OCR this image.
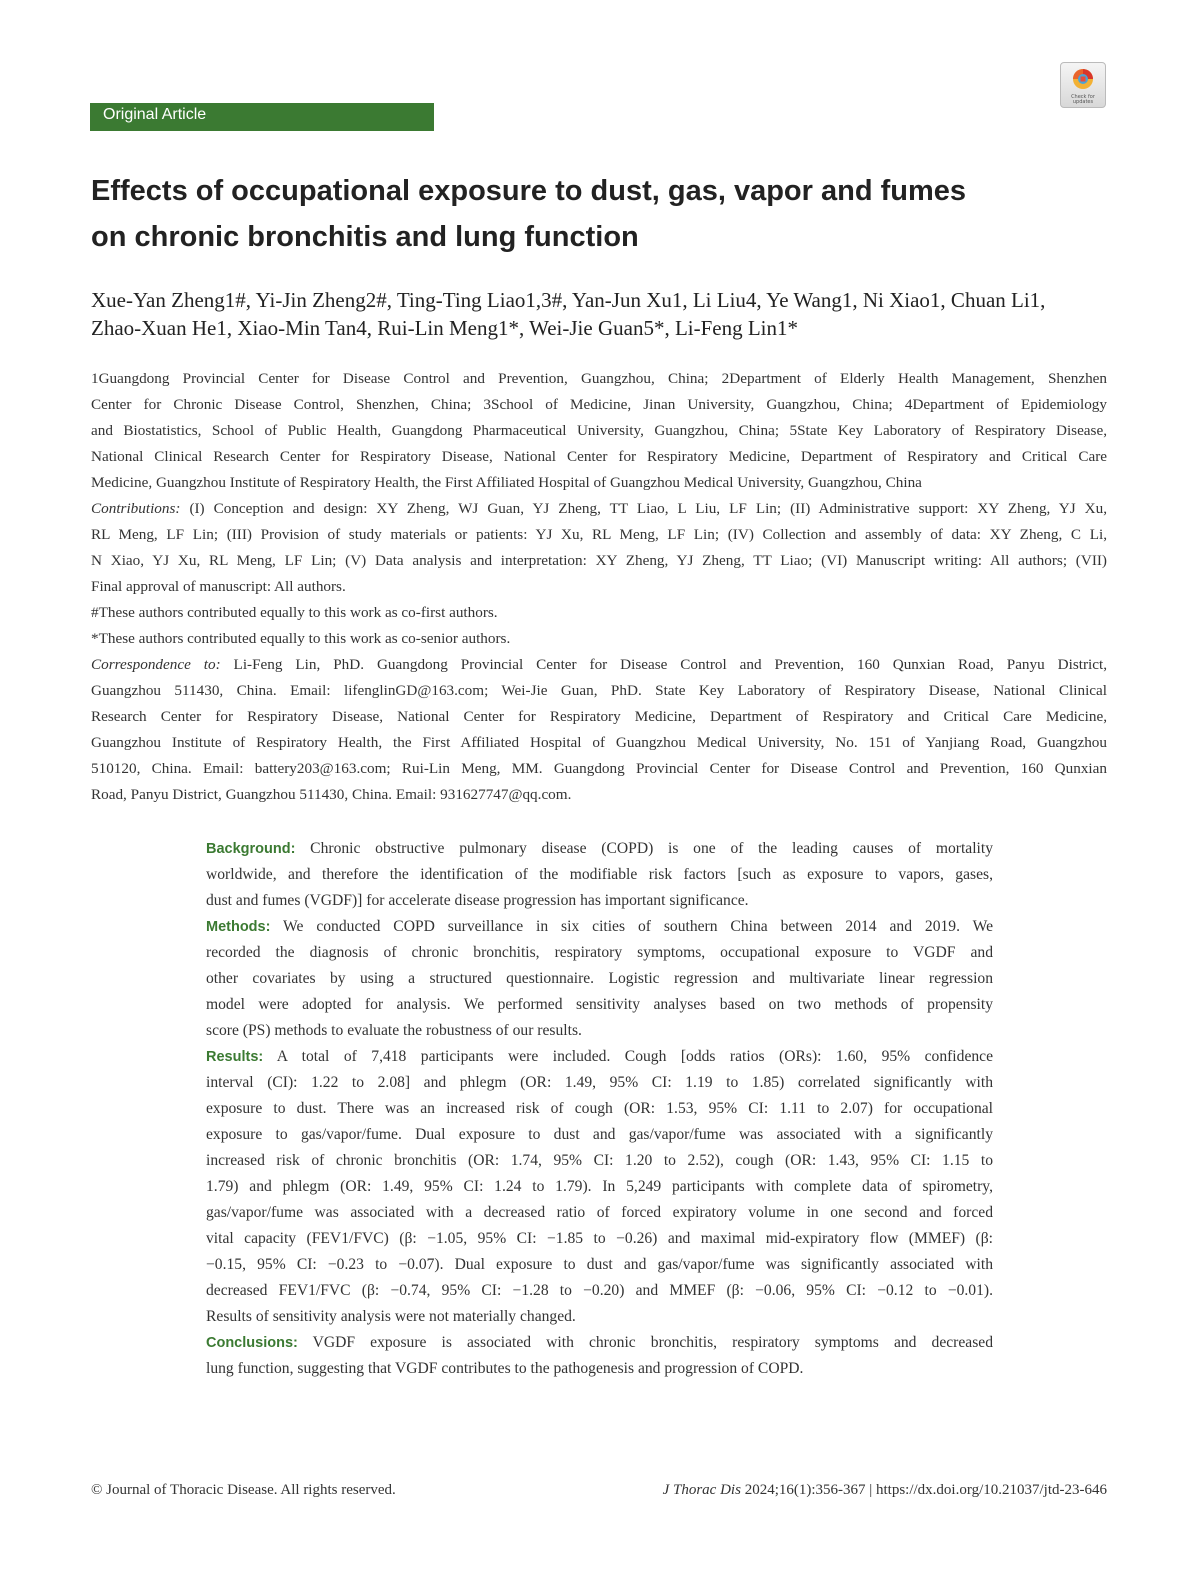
Original Article
Check for updates
Effects of occupational exposure to dust, gas, vapor and fumes
on chronic bronchitis and lung function
Xue-Yan Zheng1#, Yi-Jin Zheng2#, Ting-Ting Liao1,3#, Yan-Jun Xu1, Li Liu4, Ye Wang1, Ni Xiao1, Chuan Li1,
Zhao-Xuan He1, Xiao-Min Tan4, Rui-Lin Meng1*, Wei-Jie Guan5*, Li-Feng Lin1*
1Guangdong Provincial Center for Disease Control and Prevention, Guangzhou, China; 2Department of Elderly Health Management, Shenzhen
Center for Chronic Disease Control, Shenzhen, China; 3School of Medicine, Jinan University, Guangzhou, China; 4Department of Epidemiology
and Biostatistics, School of Public Health, Guangdong Pharmaceutical University, Guangzhou, China; 5State Key Laboratory of Respiratory Disease,
National Clinical Research Center for Respiratory Disease, National Center for Respiratory Medicine, Department of Respiratory and Critical Care
Medicine, Guangzhou Institute of Respiratory Health, the First Affiliated Hospital of Guangzhou Medical University, Guangzhou, China
Contributions: (I) Conception and design: XY Zheng, WJ Guan, YJ Zheng, TT Liao, L Liu, LF Lin; (II) Administrative support: XY Zheng, YJ Xu,
RL Meng, LF Lin; (III) Provision of study materials or patients: YJ Xu, RL Meng, LF Lin; (IV) Collection and assembly of data: XY Zheng, C Li,
N Xiao, YJ Xu, RL Meng, LF Lin; (V) Data analysis and interpretation: XY Zheng, YJ Zheng, TT Liao; (VI) Manuscript writing: All authors; (VII)
Final approval of manuscript: All authors.
#These authors contributed equally to this work as co-first authors.
*These authors contributed equally to this work as co-senior authors.
Correspondence to: Li-Feng Lin, PhD. Guangdong Provincial Center for Disease Control and Prevention, 160 Qunxian Road, Panyu District,
Guangzhou 511430, China. Email: lifenglinGD@163.com; Wei-Jie Guan, PhD. State Key Laboratory of Respiratory Disease, National Clinical
Research Center for Respiratory Disease, National Center for Respiratory Medicine, Department of Respiratory and Critical Care Medicine,
Guangzhou Institute of Respiratory Health, the First Affiliated Hospital of Guangzhou Medical University, No. 151 of Yanjiang Road, Guangzhou
510120, China. Email: battery203@163.com; Rui-Lin Meng, MM. Guangdong Provincial Center for Disease Control and Prevention, 160 Qunxian
Road, Panyu District, Guangzhou 511430, China. Email: 931627747@qq.com.
Background: Chronic obstructive pulmonary disease (COPD) is one of the leading causes of mortality
worldwide, and therefore the identification of the modifiable risk factors [such as exposure to vapors, gases,
dust and fumes (VGDF)] for accelerate disease progression has important significance.
Methods: We conducted COPD surveillance in six cities of southern China between 2014 and 2019. We
recorded the diagnosis of chronic bronchitis, respiratory symptoms, occupational exposure to VGDF and
other covariates by using a structured questionnaire. Logistic regression and multivariate linear regression
model were adopted for analysis. We performed sensitivity analyses based on two methods of propensity
score (PS) methods to evaluate the robustness of our results.
Results: A total of 7,418 participants were included. Cough [odds ratios (ORs): 1.60, 95% confidence
interval (CI): 1.22 to 2.08] and phlegm (OR: 1.49, 95% CI: 1.19 to 1.85) correlated significantly with
exposure to dust. There was an increased risk of cough (OR: 1.53, 95% CI: 1.11 to 2.07) for occupational
exposure to gas/vapor/fume. Dual exposure to dust and gas/vapor/fume was associated with a significantly
increased risk of chronic bronchitis (OR: 1.74, 95% CI: 1.20 to 2.52), cough (OR: 1.43, 95% CI: 1.15 to
1.79) and phlegm (OR: 1.49, 95% CI: 1.24 to 1.79). In 5,249 participants with complete data of spirometry,
gas/vapor/fume was associated with a decreased ratio of forced expiratory volume in one second and forced
vital capacity (FEV1/FVC) (β: −1.05, 95% CI: −1.85 to −0.26) and maximal mid-expiratory flow (MMEF) (β:
−0.15, 95% CI: −0.23 to −0.07). Dual exposure to dust and gas/vapor/fume was significantly associated with
decreased FEV1/FVC (β: −0.74, 95% CI: −1.28 to −0.20) and MMEF (β: −0.06, 95% CI: −0.12 to −0.01).
Results of sensitivity analysis were not materially changed.
Conclusions: VGDF exposure is associated with chronic bronchitis, respiratory symptoms and decreased
lung function, suggesting that VGDF contributes to the pathogenesis and progression of COPD.
© Journal of Thoracic Disease. All rights reserved.	J Thorac Dis 2024;16(1):356-367 | https://dx.doi.org/10.21037/jtd-23-646
